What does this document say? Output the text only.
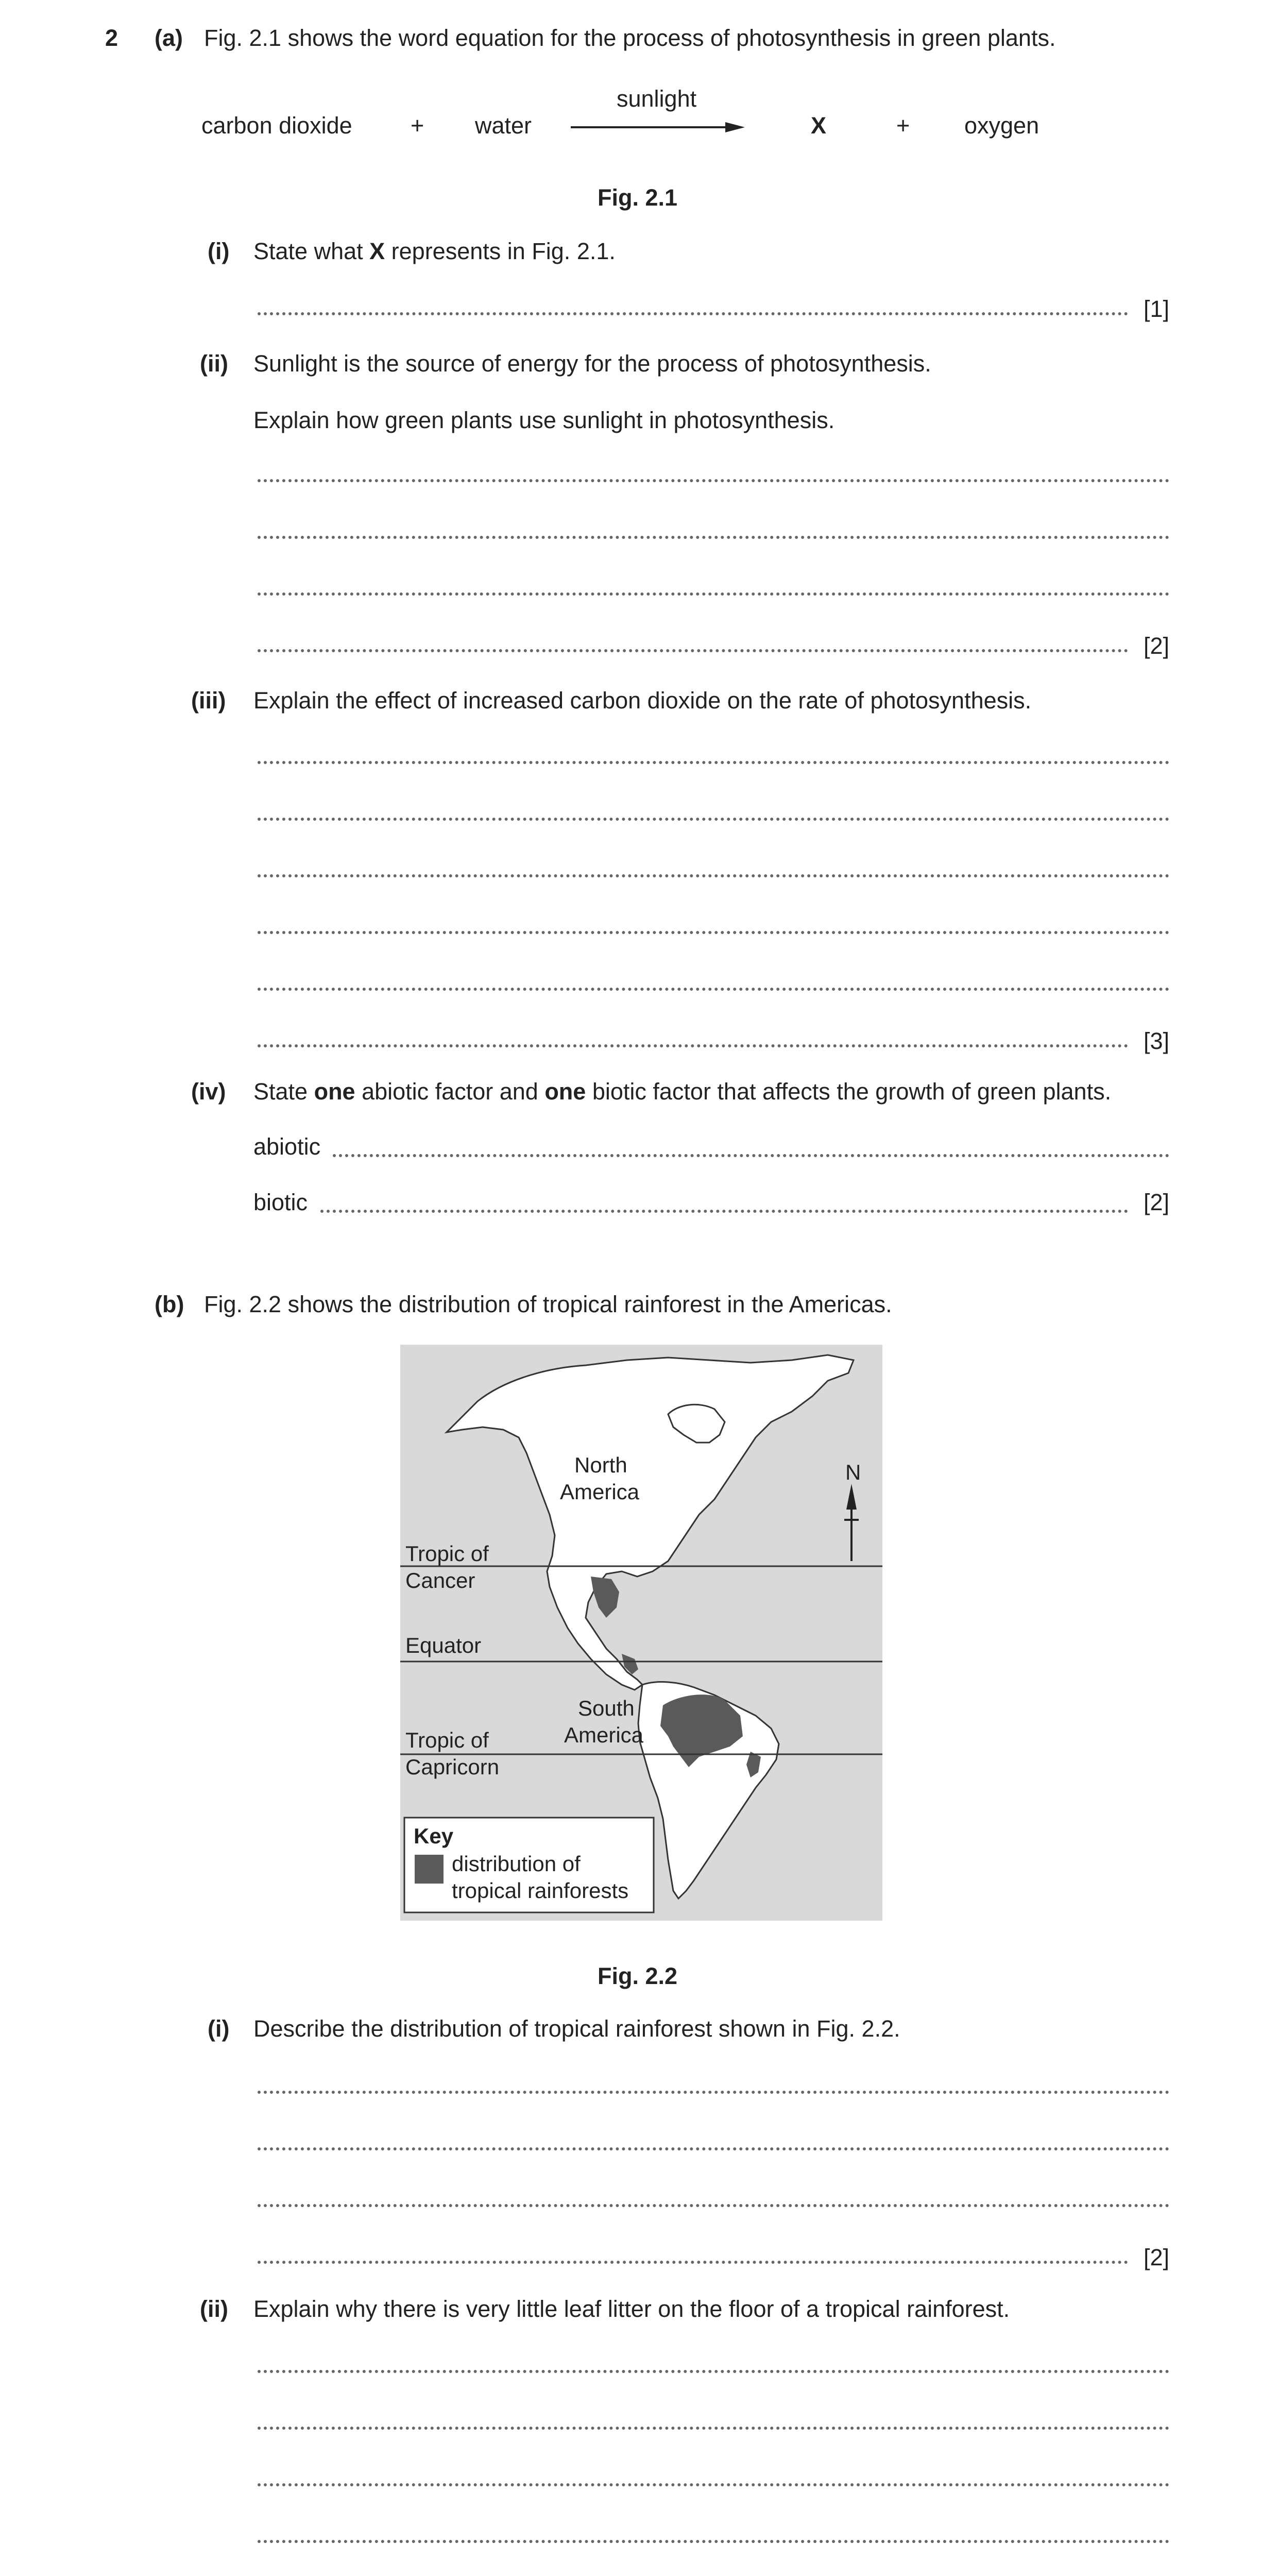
2 (a) Fig. 2.1 shows the word equation for the process of photosynthesis in green plants.
carbon dioxide	+ water
sunlight
X	+ oxygen
Fig. 2.1
(i) State what X represents in Fig. 2.1.
[1]
(ii) Sunlight is the source of energy for the process of photosynthesis.
Explain how green plants use sunlight in photosynthesis.
[2]
(iii) Explain the effect of increased carbon dioxide on the rate of photosynthesis.
[3]
(iv) State one abiotic factor and one biotic factor that affects the growth of green plants.
abiotic
biotic	[2]
(b) Fig. 2.2 shows the distribution of tropical rainforest in the Americas.
N
North
America
Tropic of
Cancer
Equator
South
America
Tropic of
Capricorn
Key
distribution of
tropical rainforests
Fig. 2.2
(i) Describe the distribution of tropical rainforest shown in Fig. 2.2.
[2]
(ii) Explain why there is very little leaf litter on the floor of a tropical rainforest.
